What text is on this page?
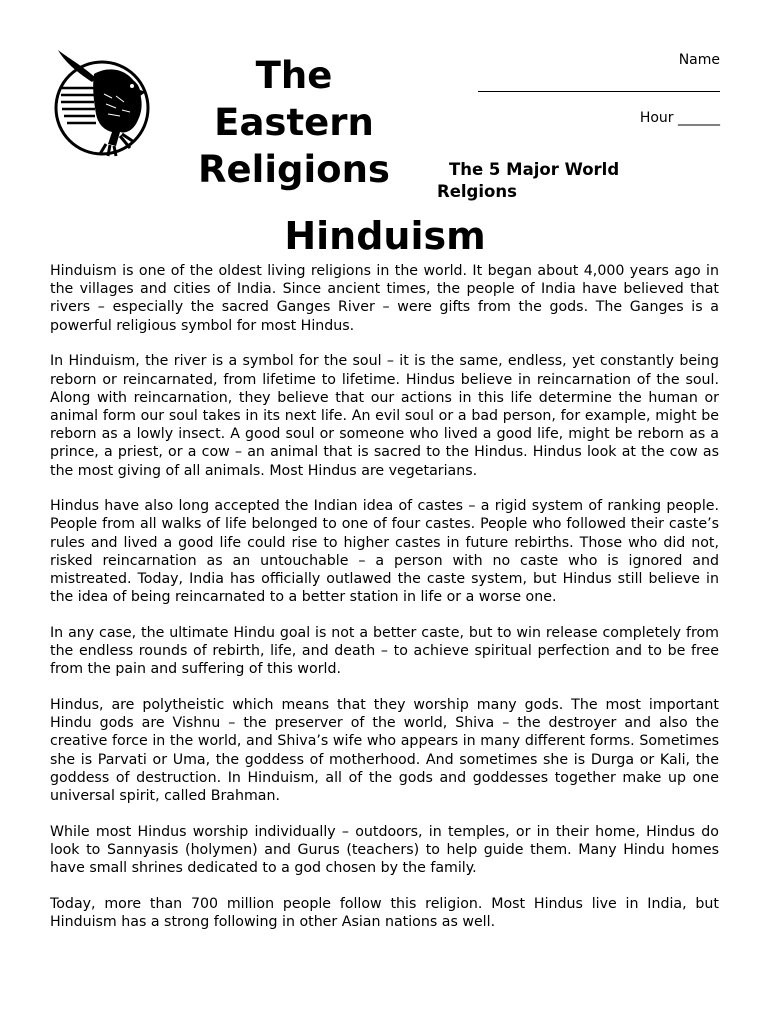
The
Eastern
Religions
Name
Hour ______
The 5 Major World
Relgions
Hinduism

Hinduism is one of the oldest living religions in the world. It began about 4,000 years ago in the villages and cities of India. Since ancient times, the people of India have believed that rivers – especially the sacred Ganges River – were gifts from the gods. The Ganges is a powerful religious symbol for most Hindus.

In Hinduism, the river is a symbol for the soul – it is the same, endless, yet constantly being reborn or reincarnated, from lifetime to lifetime. Hindus believe in reincarnation of the soul. Along with reincarnation, they believe that our actions in this life determine the human or animal form our soul takes in its next life. An evil soul or a bad person, for example, might be reborn as a lowly insect. A good soul or someone who lived a good life, might be reborn as a prince, a priest, or a cow – an animal that is sacred to the Hindus. Hindus look at the cow as the most giving of all animals. Most Hindus are vegetarians.

Hindus have also long accepted the Indian idea of castes – a rigid system of ranking people. People from all walks of life belonged to one of four castes. People who followed their caste’s rules and lived a good life could rise to higher castes in future rebirths. Those who did not, risked reincarnation as an untouchable – a person with no caste who is ignored and mistreated. Today, India has officially outlawed the caste system, but Hindus still believe in the idea of being reincarnated to a better station in life or a worse one.

In any case, the ultimate Hindu goal is not a better caste, but to win release completely from the endless rounds of rebirth, life, and death – to achieve spiritual perfection and to be free from the pain and suffering of this world.

Hindus, are polytheistic which means that they worship many gods. The most important Hindu gods are Vishnu – the preserver of the world, Shiva – the destroyer and also the creative force in the world, and Shiva’s wife who appears in many different forms. Sometimes she is Parvati or Uma, the goddess of motherhood. And sometimes she is Durga or Kali, the goddess of destruction. In Hinduism, all of the gods and goddesses together make up one universal spirit, called Brahman.

While most Hindus worship individually – outdoors, in temples, or in their home, Hindus do look to Sannyasis (holymen) and Gurus (teachers) to help guide them. Many Hindu homes have small shrines dedicated to a god chosen by the family.

Today, more than 700 million people follow this religion. Most Hindus live in India, but Hinduism has a strong following in other Asian nations as well.
